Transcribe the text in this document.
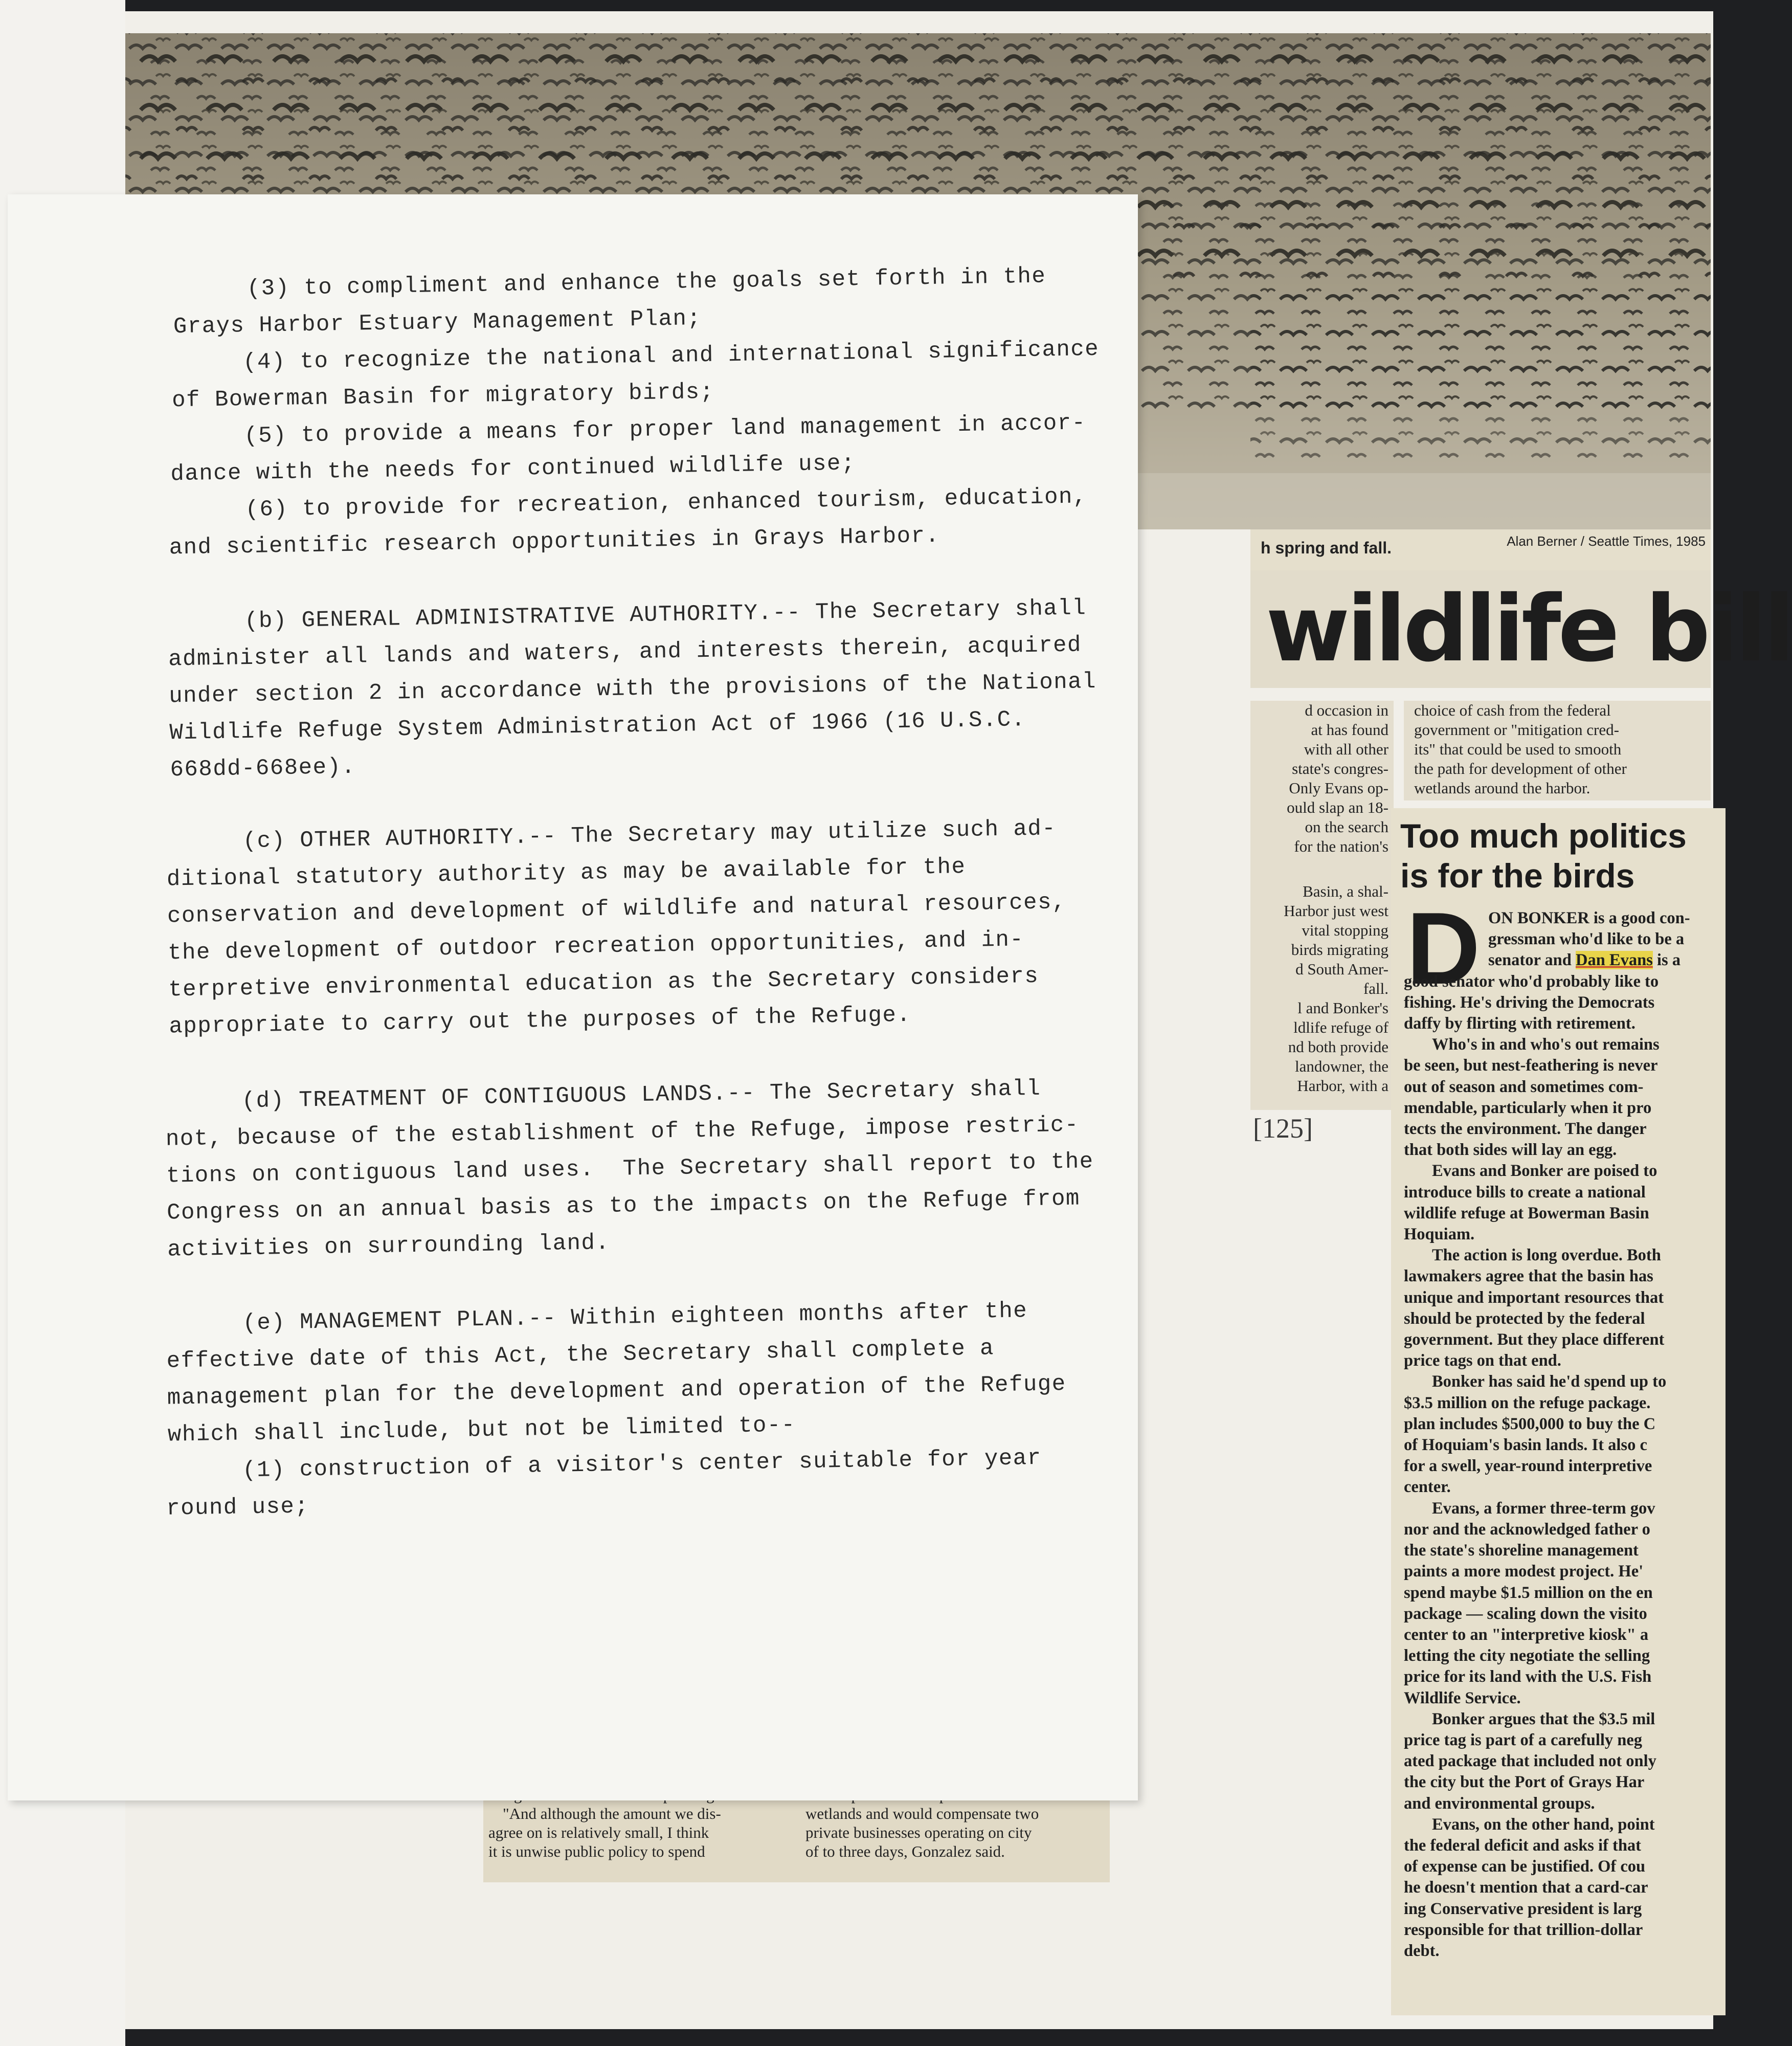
h spring and fall.	Alan Berner / Seattle Times, 1985
wildlife bill
d occasion in
at has found
with all other
state's congres-
Only Evans op-
ould slap an 18-
on the search
for the nation's
Basin, a shal-
Harbor just west
vital stopping
birds migrating
d South Amer-
fall.
l and Bonker's
ldlife refuge of
nd both provide
landowner, the
Harbor, with a
choice of cash from the federal
government or "mitigation cred-
its" that could be used to smooth
the path for development of other
wetlands around the harbor.
[125]
Too much politics
is for the birds
D ON BONKER is a good con-
gressman who'd like to be a
senator and Dan Evans is a
good senator who'd probably like to
fishing. He's driving the Democrats
daffy by flirting with retirement.
Who's in and who's out remains
be seen, but nest-feathering is never
out of season and sometimes com-
mendable, particularly when it pro
tects the environment. The danger
that both sides will lay an egg.
Evans and Bonker are poised to
introduce bills to create a national
wildlife refuge at Bowerman Basin
Hoquiam.
The action is long overdue. Both
lawmakers agree that the basin has
unique and important resources that
should be protected by the federal
government. But they place different
price tags on that end.
Bonker has said he'd spend up to
$3.5 million on the refuge package.
plan includes $500,000 to buy the C
of Hoquiam's basin lands. It also c
for a swell, year-round interpretive
center.
Evans, a former three-term gov
nor and the acknowledged father o
the state's shoreline management
paints a more modest project. He'
spend maybe $1.5 million on the en
package — scaling down the visito
center to an "interpretive kiosk" a
letting the city negotiate the selling
price for its land with the U.S. Fish
Wildlife Service.
Bonker argues that the $3.5 mil
price tag is part of a carefully neg
ated package that included not only
the city but the Port of Grays Har
and environmental groups.
Evans, on the other hand, point
the federal deficit and asks if that
of expense can be justified. Of cou
he doesn't mention that a card-car
ing Conservative president is larg
responsible for that trillion-dollar
debt.
"And although the amount we dis-
agree on is relatively small, I think
it is unwise public policy to spend
wetlands and would compensate two
private businesses operating on city
of to three days, Gonzalez said.
(3) to compliment and enhance the goals set forth in the
Grays Harbor Estuary Management Plan;
(4) to recognize the national and international significance
of Bowerman Basin for migratory birds;
(5) to provide a means for proper land management in accor-
dance with the needs for continued wildlife use;
(6) to provide for recreation, enhanced tourism, education,
and scientific research opportunities in Grays Harbor.
(b) GENERAL ADMINISTRATIVE AUTHORITY.-- The Secretary shall
administer all lands and waters, and interests therein, acquired
under section 2 in accordance with the provisions of the National
Wildlife Refuge System Administration Act of 1966 (16 U.S.C.
668dd-668ee).
(c) OTHER AUTHORITY.-- The Secretary may utilize such ad-
ditional statutory authority as may be available for the
conservation and development of wildlife and natural resources,
the development of outdoor recreation opportunities, and in-
terpretive environmental education as the Secretary considers
appropriate to carry out the purposes of the Refuge.
(d) TREATMENT OF CONTIGUOUS LANDS.-- The Secretary shall
not, because of the establishment of the Refuge, impose restric-
tions on contiguous land uses.  The Secretary shall report to the
Congress on an annual basis as to the impacts on the Refuge from
activities on surrounding land.
(e) MANAGEMENT PLAN.-- Within eighteen months after the
effective date of this Act, the Secretary shall complete a
management plan for the development and operation of the Refuge
which shall include, but not be limited to--
(1) construction of a visitor's center suitable for year
round use;
